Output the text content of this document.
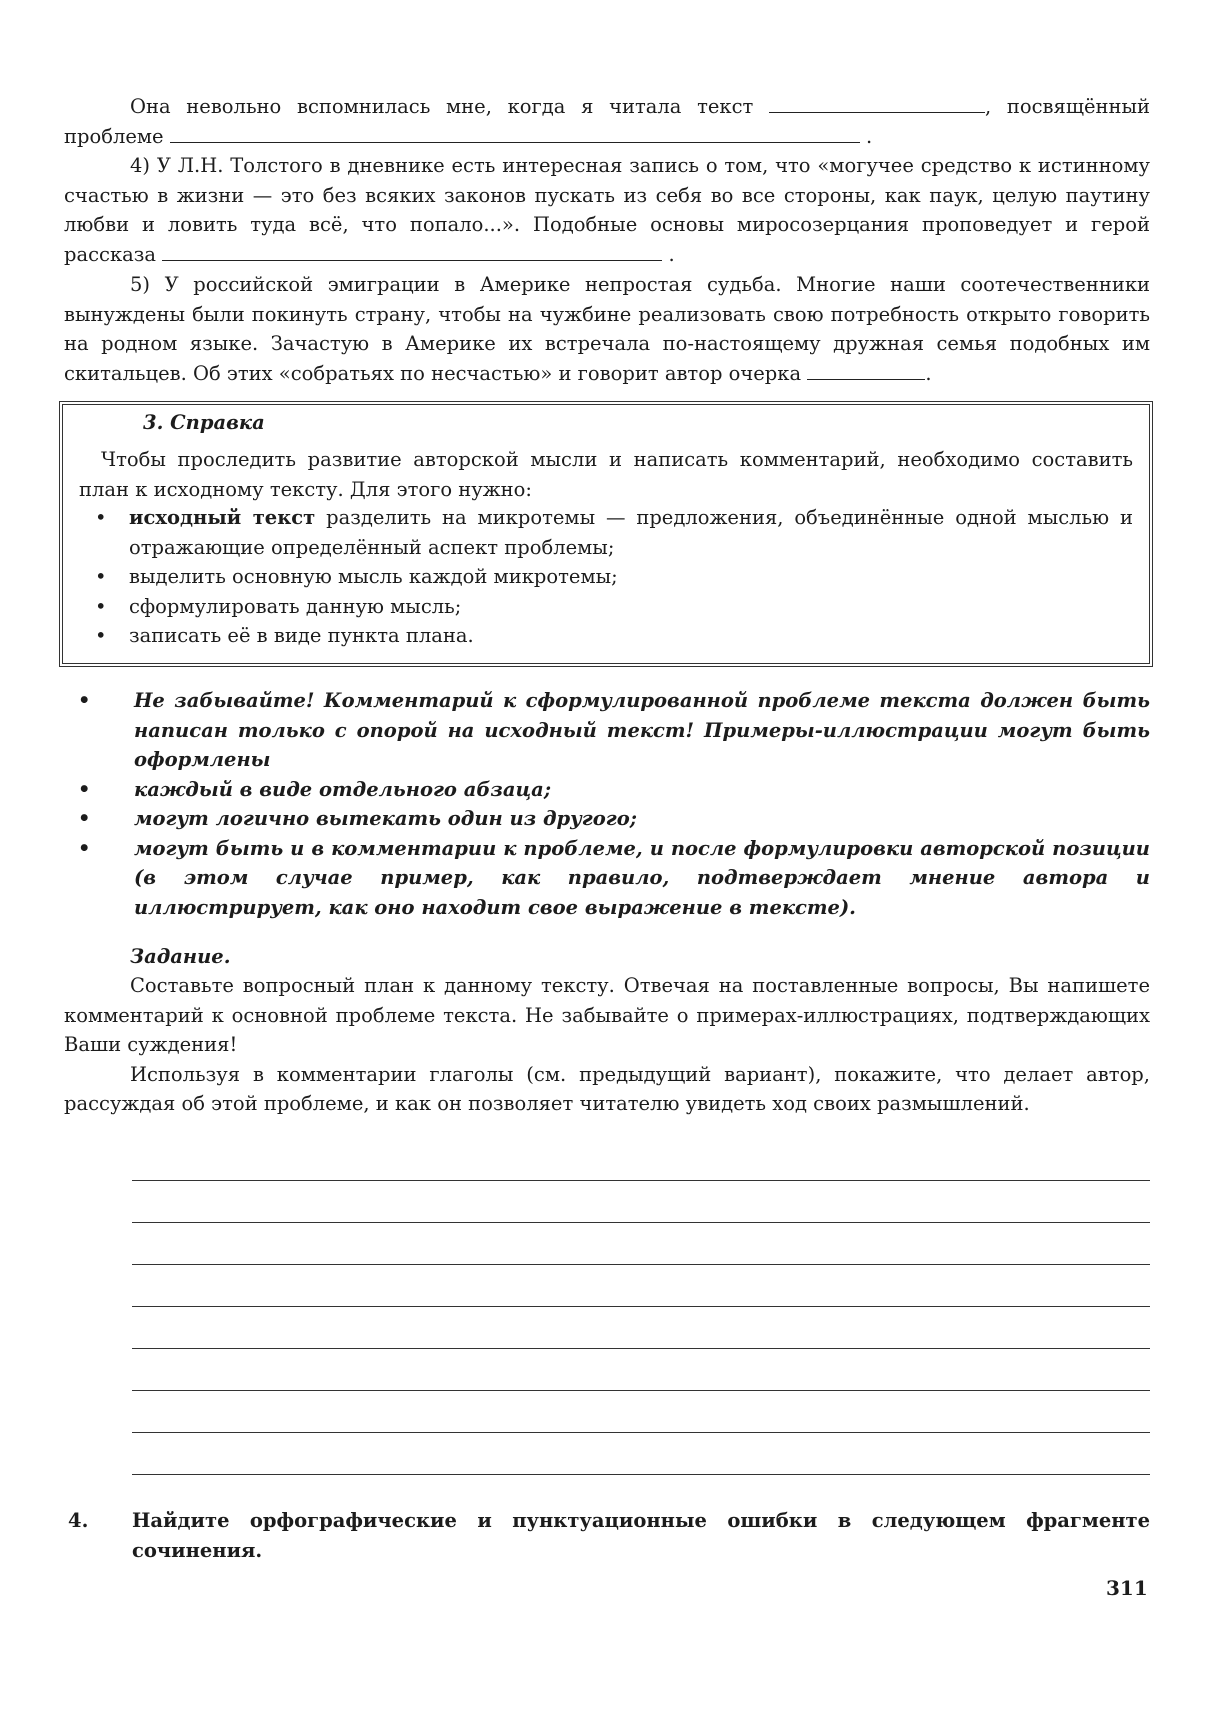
Она невольно вспомнилась мне, когда я читала текст	, посвящённый проблеме	.
4) У Л.Н. Толстого в дневнике есть интересная запись о том, что «могучее средство к истинному счастью в жизни — это без всяких законов пускать из себя во все стороны, как паук, целую паутину любви и ловить туда всё, что попало...». Подобные основы миросозерцания проповедует и герой рассказа	.
5) У российской эмиграции в Америке непростая судьба. Многие наши соотечественники вынуждены были покинуть страну, чтобы на чужбине реализовать свою потребность открыто говорить на родном языке. Зачастую в Америке их встречала по-настоящему дружная семья подобных им скитальцев. Об этих «собратьях по несчастью» и говорит автор очерка	.
3. Справка

Чтобы проследить развитие авторской мысли и написать комментарий, необходимо составить план к исходному тексту. Для этого нужно:

• исходный текст разделить на микротемы — предложения, объединённые одной мыслью и отражающие определённый аспект проблемы;
• выделить основную мысль каждой микротемы;
• сформулировать данную мысль;
• записать её в виде пункта плана.
• Не забывайте! Комментарий к сформулированной проблеме текста должен быть написан только с опорой на исходный текст! Примеры-иллюстрации могут быть оформлены
• каждый в виде отдельного абзаца;
• могут логично вытекать один из другого;
• могут быть и в комментарии к проблеме, и после формулировки авторской позиции (в этом случае пример, как правило, подтверждает мнение автора и иллюстрирует, как оно находит свое выражение в тексте).
Задание.

Составьте вопросный план к данному тексту. Отвечая на поставленные вопросы, Вы напишете комментарий к основной проблеме текста. Не забывайте о примерах-иллюстрациях, подтверждающих Ваши суждения!

Используя в комментарии глаголы (см. предыдущий вариант), покажите, что делает автор, рассуждая об этой проблеме, и как он позволяет читателю увидеть ход своих размышлений.

4. Найдите орфографические и пунктуационные ошибки в следующем фрагменте сочинения.
311
